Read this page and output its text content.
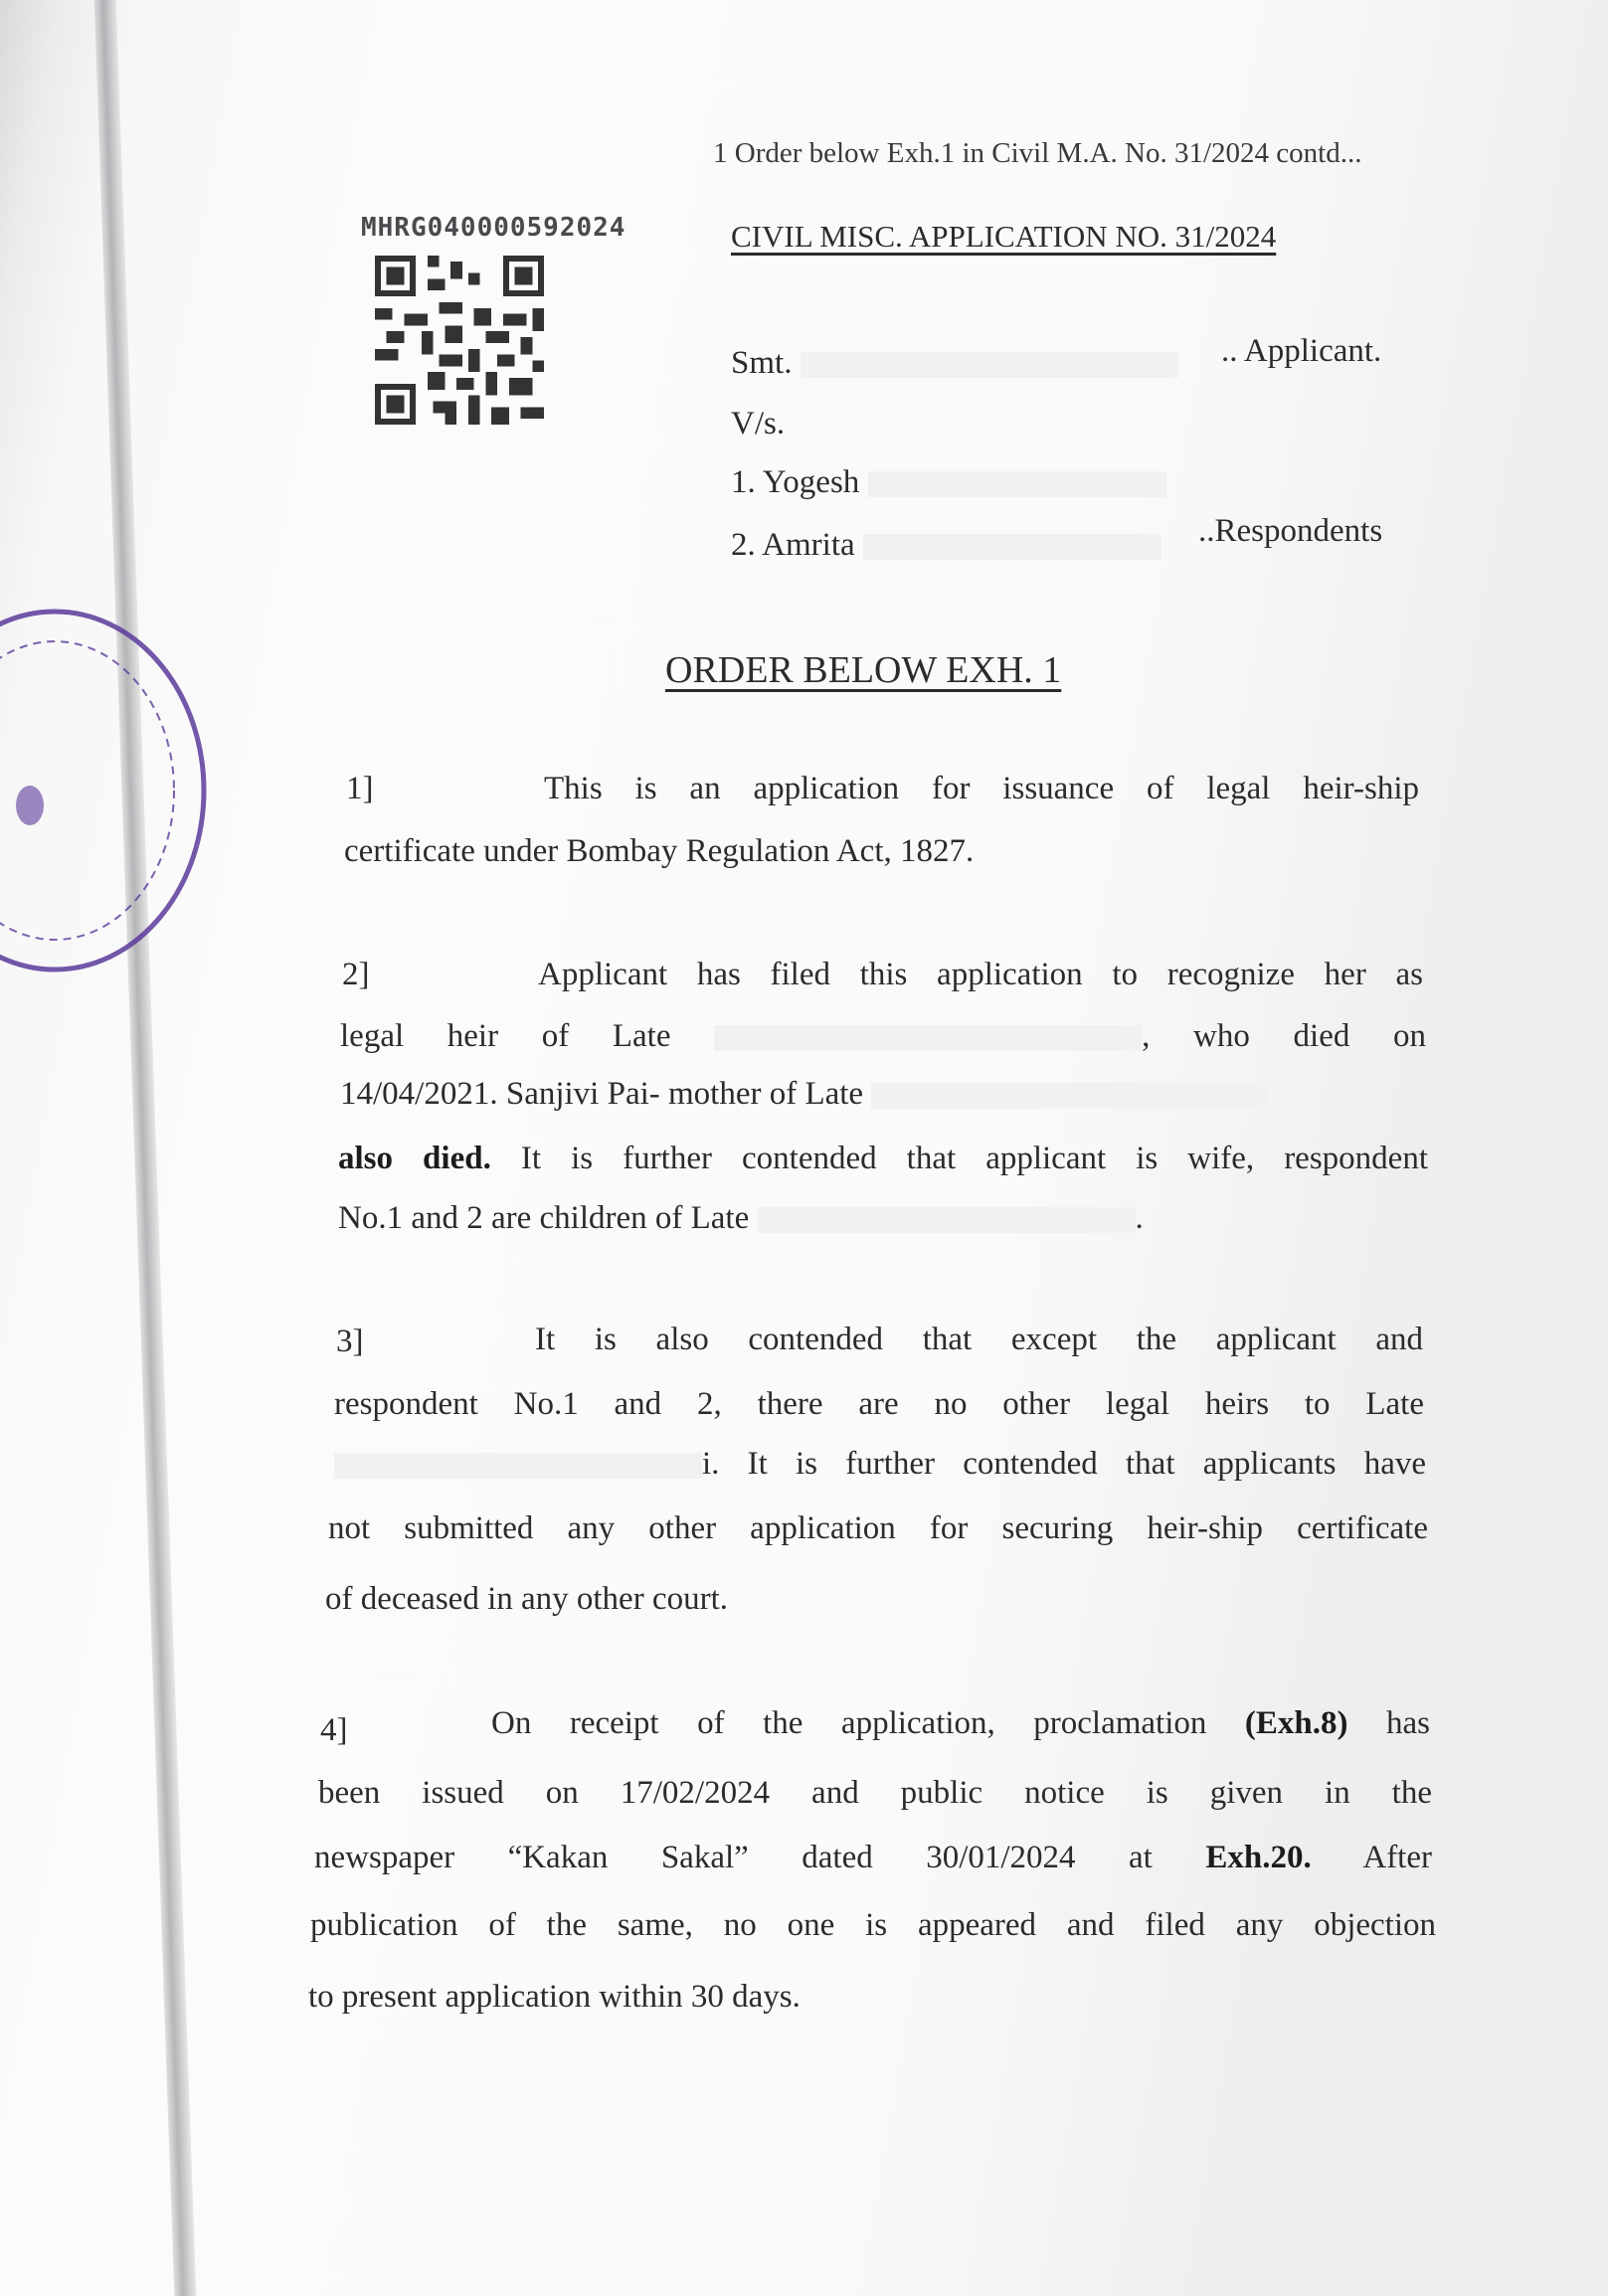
1 Order below Exh.1 in Civil M.A. No. 31/2024 contd...
MHRG040000592024	CIVIL MISC. APPLICATION NO. 31/2024
Smt.	.. Applicant.
V/s.
1. Yogesh
2. Amrita	..Respondents
ORDER BELOW EXH. 1
1]	This is an application for issuance of legal heir-ship
certificate under Bombay Regulation Act, 1827.
2]	Applicant has filed this application to recognize her as
legal heir of Late	, who died on
14/04/2021. Sanjivi Pai- mother of Late
also died. It is further contended that applicant is wife, respondent
No.1 and 2 are children of Late	.
3]	It is also contended that except the applicant and
respondent No.1 and 2, there are no other legal heirs to Late
i. It is further contended that applicants have
not submitted any other application for securing heir-ship certificate
of deceased in any other court.
4]	On receipt of the application, proclamation (Exh.8) has
been issued on 17/02/2024 and public notice is given in the
newspaper “Kakan Sakal” dated 30/01/2024 at Exh.20. After
publication of the same, no one is appeared and filed any objection
to present application within 30 days.
